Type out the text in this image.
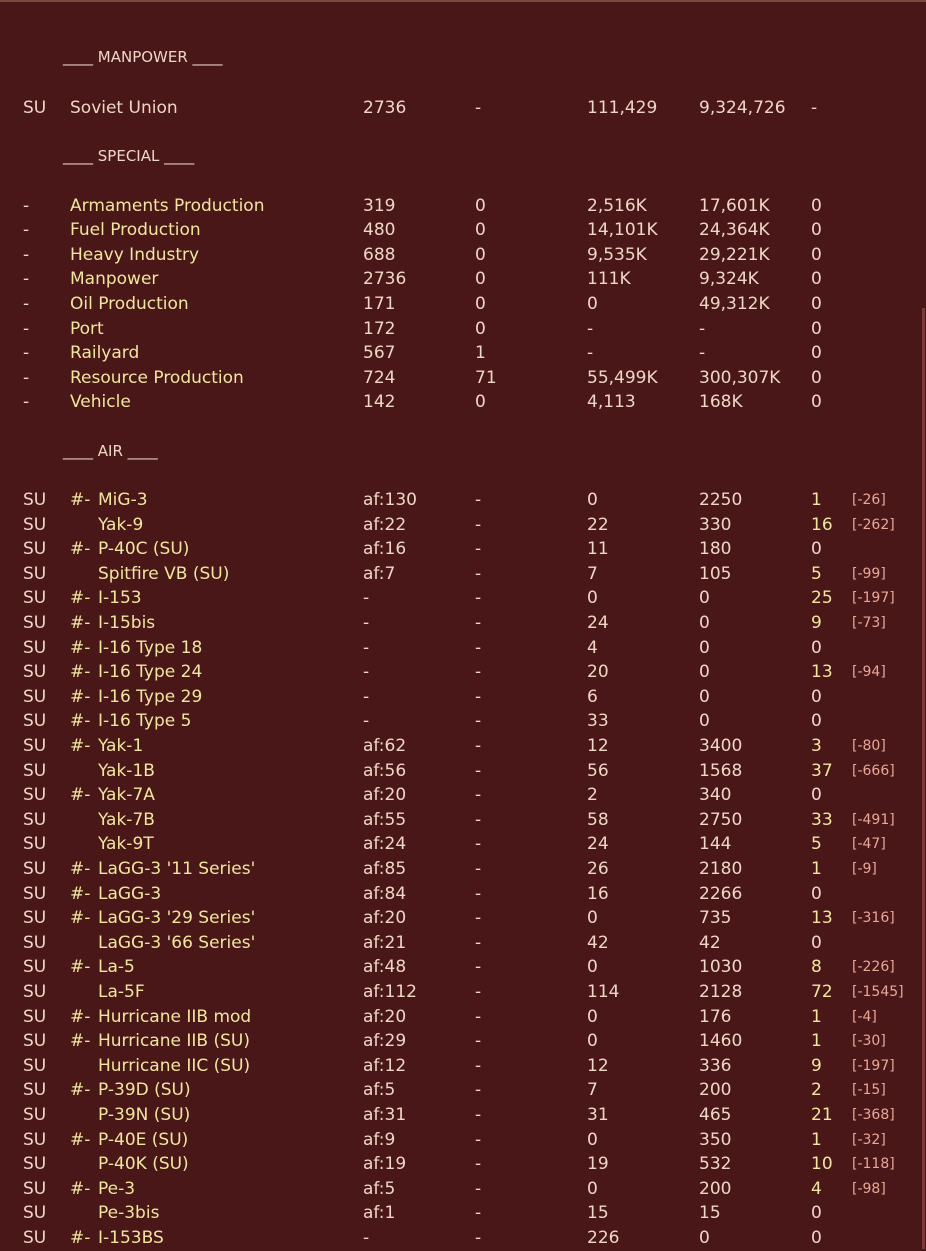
____ MANPOWER ____
SU Soviet Union	2736	-	111,429 9,324,726 -
____ SPECIAL ____
- Armaments Production	319	0	2,516K	17,601K 0
- Fuel Production	480	0	14,101K 24,364K 0
- Heavy Industry	688	0	9,535K	29,221K 0
- Manpower	2736	0	111K	9,324K	0
- Oil Production	171	0	0	49,312K 0
- Port	172	0	-	-	0
- Railyard	567	1	-	-	0
- Resource Production	724	71	55,499K 300,307K 0
- Vehicle	142	0	4,113	168K	0
____ AIR ____
SU #- MiG-3	af:130	-	0	2250	1 [-26]
SU	Yak-9	af:22	-	22	330	16 [-262]
SU #- P-40C (SU)	af:16	-	11	180	0
SU	Spitfire VB (SU)	af:7	-	7	105	5 [-99]
SU #- I-153	-	-	0	0	25 [-197]
SU #- I-15bis	-	-	24	0	9 [-73]
SU #- I-16 Type 18	-	-	4	0	0
SU #- I-16 Type 24	-	-	20	0	13 [-94]
SU #- I-16 Type 29	-	-	6	0	0
SU #- I-16 Type 5	-	-	33	0	0
SU #- Yak-1	af:62	-	12	3400	3 [-80]
SU	Yak-1B	af:56	-	56	1568	37 [-666]
SU #- Yak-7A	af:20	-	2	340	0
SU	Yak-7B	af:55	-	58	2750	33 [-491]
SU	Yak-9T	af:24	-	24	144	5 [-47]
SU #- LaGG-3 '11 Series'	af:85	-	26	2180	1 [-9]
SU #- LaGG-3	af:84	-	16	2266	0
SU #- LaGG-3 '29 Series'	af:20	-	0	735	13 [-316]
SU	LaGG-3 '66 Series'	af:21	-	42	42	0
SU #- La-5	af:48	-	0	1030	8 [-226]
SU	La-5F	af:112	-	114	2128	72 [-1545]
SU #- Hurricane IIB mod	af:20	-	0	176	1 [-4]
SU #- Hurricane IIB (SU)	af:29	-	0	1460	1 [-30]
SU	Hurricane IIC (SU)	af:12	-	12	336	9 [-197]
SU #- P-39D (SU)	af:5	-	7	200	2 [-15]
SU	P-39N (SU)	af:31	-	31	465	21 [-368]
SU #- P-40E (SU)	af:9	-	0	350	1 [-32]
SU	P-40K (SU)	af:19	-	19	532	10 [-118]
SU #- Pe-3	af:5	-	0	200	4 [-98]
SU	Pe-3bis	af:1	-	15	15	0
SU #- I-153BS	-	-	226	0	0
